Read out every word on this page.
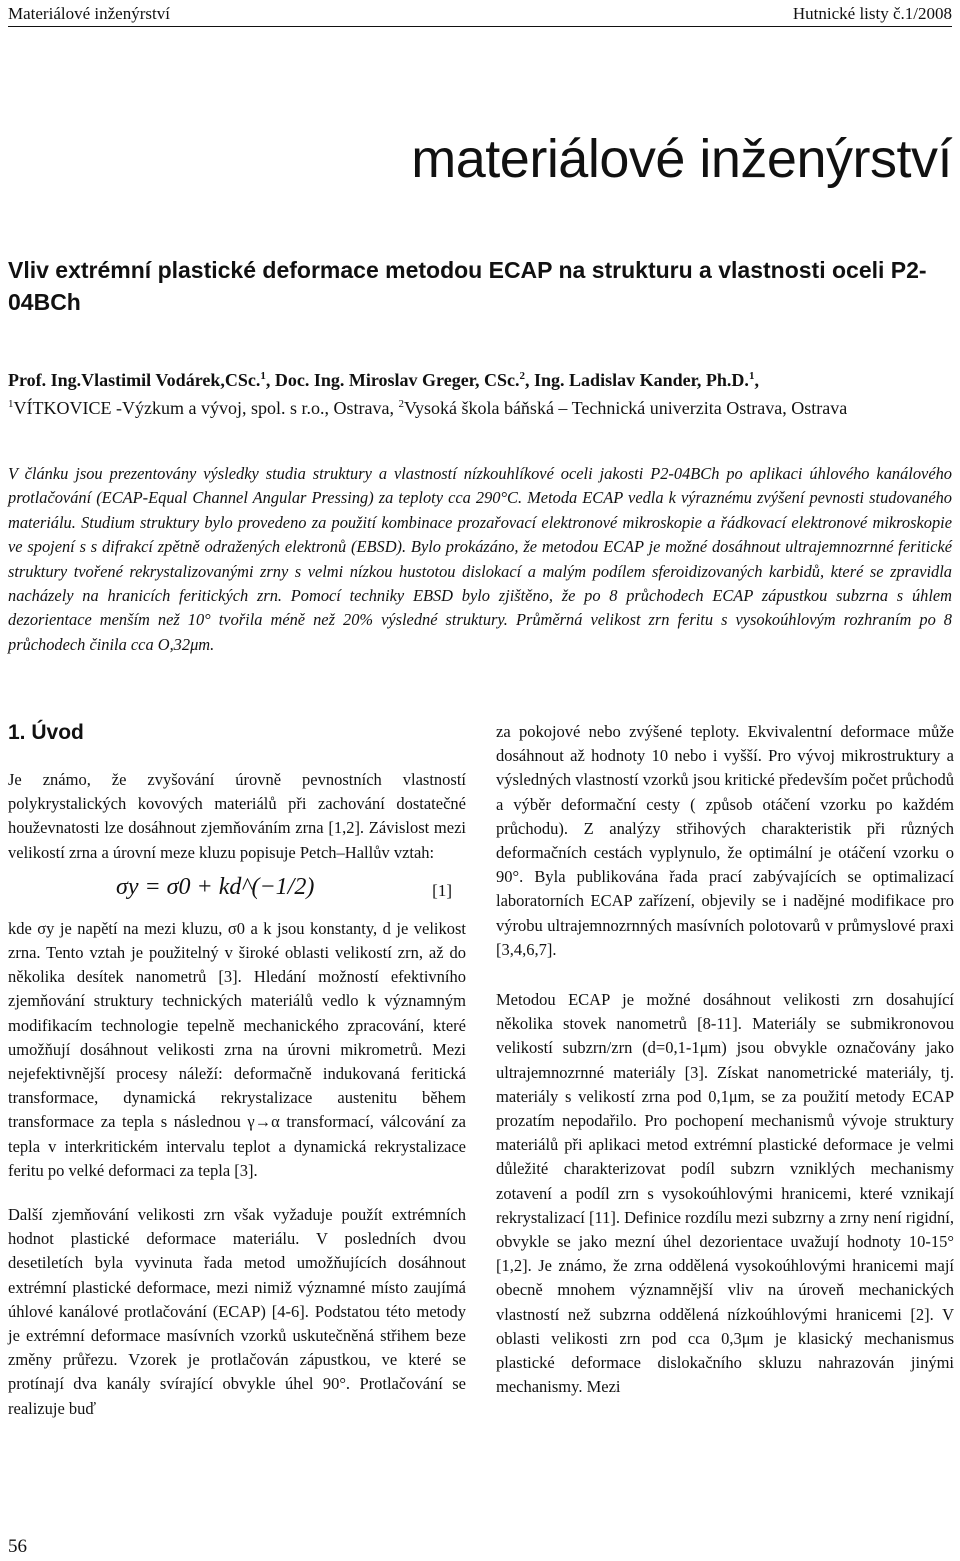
Materiálové inženýrství	Hutnické listy č.1/2008
materiálové inženýrství
Vliv extrémní plastické deformace metodou ECAP na strukturu a vlastnosti oceli P2-04BCh
Prof. Ing.Vlastimil Vodárek,CSc.$^1$, Doc. Ing. Miroslav Greger, CSc.$^2$, Ing. Ladislav Kander, Ph.D.$^1$,
$^1$VÍTKOVICE -Výzkum a vývoj, spol. s r.o., Ostrava, $^2$Vysoká škola báňská – Technická univerzita Ostrava, Ostrava
V článku jsou prezentovány výsledky studia struktury a vlastností nízkouhlíkové oceli jakosti P2-04BCh po aplikaci úhlového kanálového protlačování (ECAP-Equal Channel Angular Pressing) za teploty cca 290°C. Metoda ECAP vedla k výraznému zvýšení pevnosti studovaného materiálu. Studium struktury bylo provedeno za použití kombinace prozařovací elektronové mikroskopie a řádkovací elektronové mikroskopie ve spojení s s difrakcí zpětně odražených elektronů (EBSD). Bylo prokázáno, že metodou ECAP je možné dosáhnout ultrajemnozrnné feritické struktury tvořené rekrystalizovanými zrny s velmi nízkou hustotou dislokací a malým podílem sferoidizovaných karbidů, které se zpravidla nacházely na hranicích feritických zrn. Pomocí techniky EBSD bylo zjištěno, že po 8 průchodech ECAP zápustkou subzrna s úhlem dezorientace menším než 10° tvořila méně než 20% výsledné struktury. Průměrná velikost zrn feritu s vysokoúhlovým rozhraním po 8 průchodech činila cca O,32μm.
1. Úvod

Je známo, že zvyšování úrovně pevnostních vlastností polykrystalických kovových materiálů při zachování dostatečné houževnatosti lze dosáhnout zjemňováním zrna [1,2]. Závislost mezi velikostí zrna a úrovní meze kluzu popisuje Petch–Hallův vztah:

σy = σ0 + kd^(−1/2)	[1]

kde σy je napětí na mezi kluzu, σ0 a k jsou konstanty, d je velikost zrna. Tento vztah je použitelný v široké oblasti velikostí zrn, až do několika desítek nanometrů [3]. Hledání možností efektivního zjemňování struktury technických materiálů vedlo k významným modifikacím technologie tepelně mechanického zpracování, které umožňují dosáhnout velikosti zrna na úrovni mikrometrů. Mezi nejefektivnější procesy náleží: deformačně indukovaná feritická transformace, dynamická rekrystalizace austenitu během transformace za tepla s následnou γ→α transformací, válcování za tepla v interkritickém intervalu teplot a dynamická rekrystalizace feritu po velké deformaci za tepla [3].

Další zjemňování velikosti zrn však vyžaduje použít extrémních hodnot plastické deformace materiálu. V posledních dvou desetiletích byla vyvinuta řada metod umožňujících dosáhnout extrémní plastické deformace, mezi nimiž významné místo zaujímá úhlové kanálové protlačování (ECAP) [4-6]. Podstatou této metody je extrémní deformace masívních vzorků uskutečněná střihem beze změny průřezu. Vzorek je protlačován zápustkou, ve které se protínají dva kanály svírající obvykle úhel 90°. Protlačování se realizuje buď

za pokojové nebo zvýšené teploty. Ekvivalentní deformace může dosáhnout až hodnoty 10 nebo i vyšší. Pro vývoj mikrostruktury a výsledných vlastností vzorků jsou kritické především počet průchodů a výběr deformační cesty ( způsob otáčení vzorku po každém průchodu). Z analýzy střihových charakteristik při různých deformačních cestách vyplynulo, že optimální je otáčení vzorku o 90°. Byla publikována řada prací zabývajících se optimalizací laboratorních ECAP zařízení, objevily se i nadějné modifikace pro výrobu ultrajemnozrnných masívních polotovarů v průmyslové praxi [3,4,6,7].

Metodou ECAP je možné dosáhnout velikosti zrn dosahující několika stovek nanometrů [8-11]. Materiály se submikronovou velikostí subzrn/zrn (d=0,1-1μm) jsou obvykle označovány jako ultrajemnozrnné materiály [3]. Získat nanometrické materiály, tj. materiály s velikostí zrna pod 0,1μm, se za použití metody ECAP prozatím nepodařilo. Pro pochopení mechanismů vývoje struktury materiálů při aplikaci metod extrémní plastické deformace je velmi důležité charakterizovat podíl subzrn vzniklých mechanismy zotavení a podíl zrn s vysokoúhlovými hranicemi, které vznikají rekrystalizací [11]. Definice rozdílu mezi subzrny a zrny není rigidní, obvykle se jako mezní úhel dezorientace uvažují hodnoty 10-15° [1,2]. Je známo, že zrna oddělená vysokoúhlovými hranicemi mají obecně mnohem významnější vliv na úroveň mechanických vlastností než subzrna oddělená nízkoúhlovými hranicemi [2]. V oblasti velikosti zrn pod cca 0,3μm je klasický mechanismus plastické deformace dislokačního skluzu nahrazován jinými mechanismy. Mezi

56
